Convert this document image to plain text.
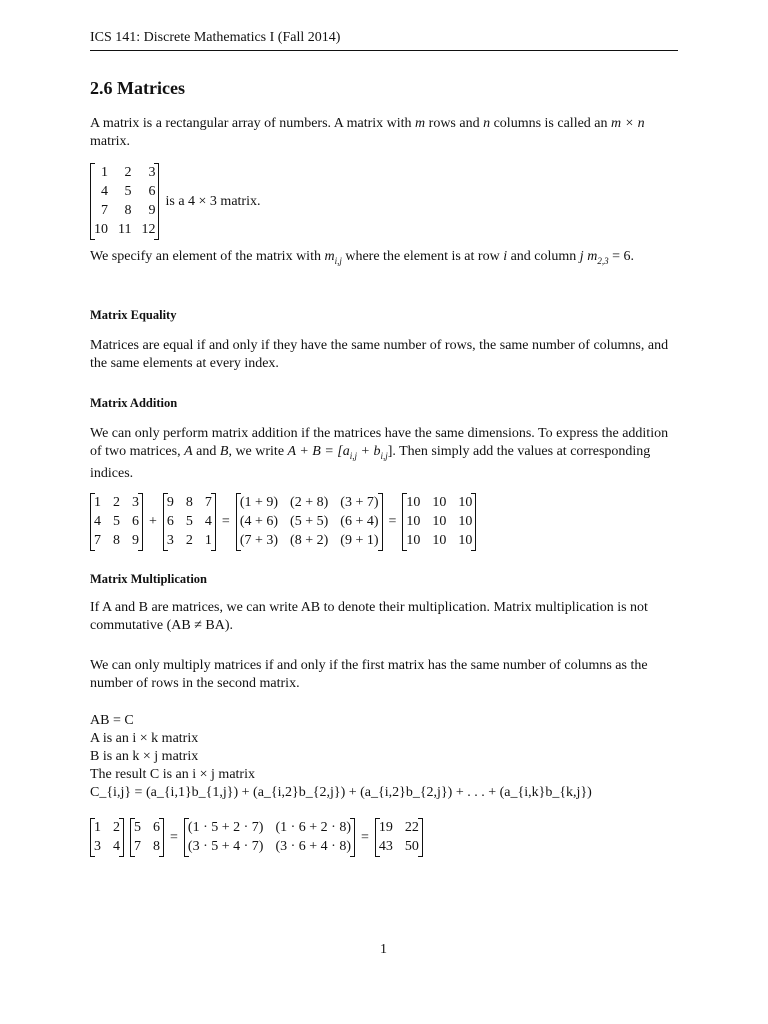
ICS 141: Discrete Mathematics I (Fall 2014)
2.6 Matrices
A matrix is a rectangular array of numbers. A matrix with m rows and n columns is called an m × n matrix.
1	2	3
4	5	6
7	8	9
10 11 12
is a 4 × 3 matrix.
We specify an element of the matrix with $m_{i,j}$ where the element is at row i and column j $m_{2,3} = 6$.
Matrix Equality
Matrices are equal if and only if they have the same number of rows, the same number of columns, and the same elements at every index.
Matrix Addition
We can only perform matrix addition if the matrices have the same dimensions. To express the addition of two matrices, A and B, we write $A + B = [a_{i,j} + b_{i,j}]$. Then simply add the values at corresponding indices.
1 2 3
4 5 6
7 8 9
+
9 8 7
6 5 4
3 2 1
=
(1 + 9) (2 + 8) (3 + 7)
(4 + 6) (5 + 5) (6 + 4)
(7 + 3) (8 + 2) (9 + 1)
=
10 10 10
10 10 10
10 10 10
Matrix Multiplication
If A and B are matrices, we can write AB to denote their multiplication. Matrix multiplication is not commutative (AB ≠ BA).
We can only multiply matrices if and only if the first matrix has the same number of columns as the number of rows in the second matrix.
AB = C
A is an i × k matrix
B is an k × j matrix
The result C is an i × j matrix
C_{i,j} = (a_{i,1}b_{1,j}) + (a_{i,2}b_{2,j}) + (a_{i,2}b_{2,j}) + . . . + (a_{i,k}b_{k,j})
1 2
3 4
5 6
7 8
=
(1 · 5 + 2 · 7) (1 · 6 + 2 · 8)
(3 · 5 + 4 · 7) (3 · 6 + 4 · 8)
=
19 22
43 50
1
